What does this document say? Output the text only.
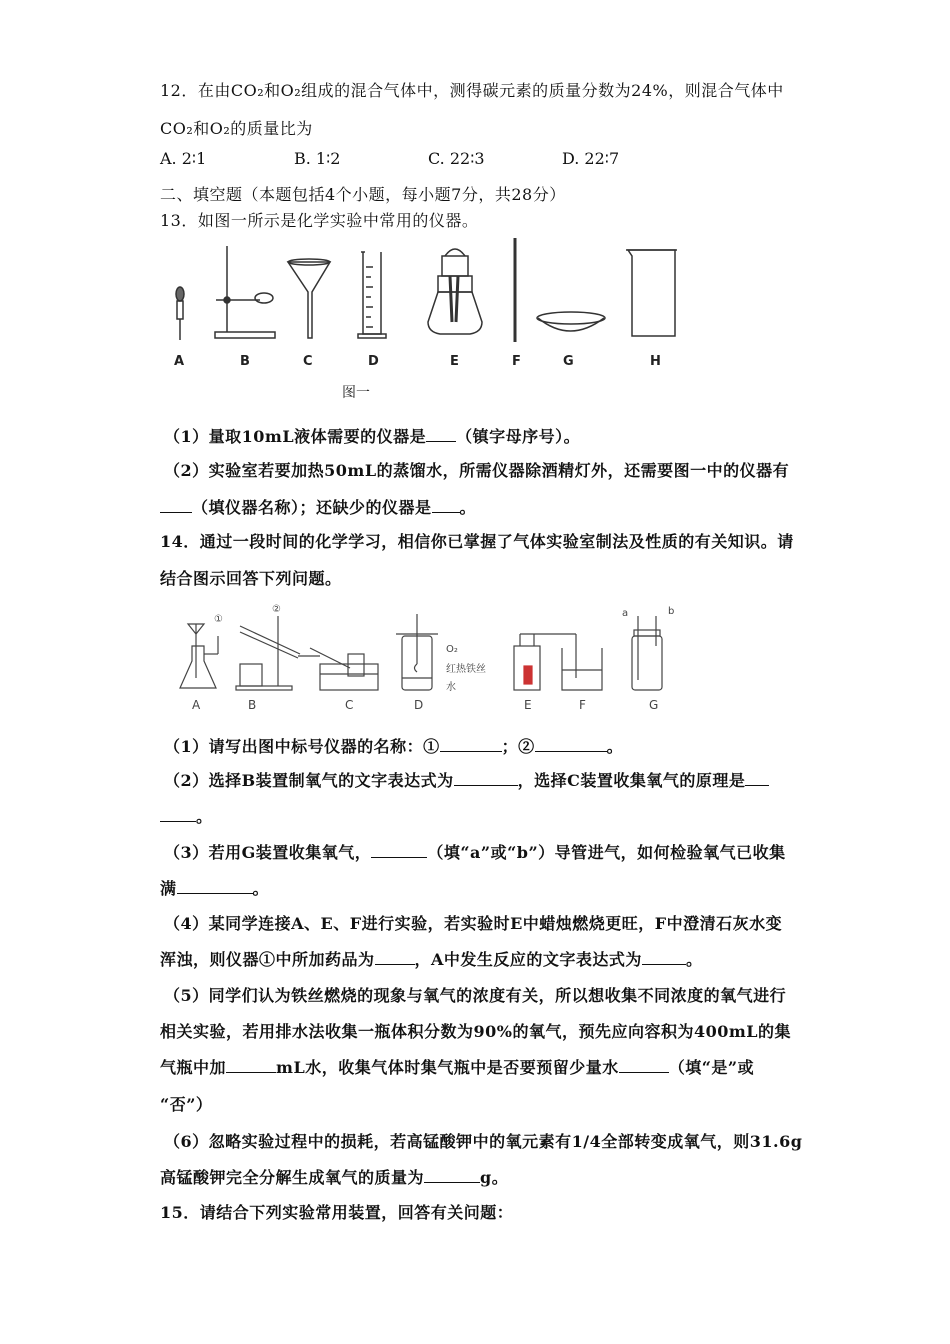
12．在由CO₂和O₂组成的混合气体中，测得碳元素的质量分数为24%，则混合气体中
CO₂和O₂的质量比为
A. 2∶1	B. 1∶2	C. 22∶3	D. 22∶7
二、填空题（本题包括4个小题，每小题7分，共28分）
13．如图一所示是化学实验中常用的仪器。
A	B	C	D	E	F	G	H
图一
（1）量取10mL液体需要的仪器是 （镇字母序号）。
（2）实验室若要加热50mL的蒸馏水，所需仪器除酒精灯外，还需要图一中的仪器有
（填仪器名称）；还缺少的仪器是 。
14．通过一段时间的化学学习，相信你已掌握了气体实验室制法及性质的有关知识。请
结合图示回答下列问题。
①
②
O₂
红热铁丝
水
a	b
A	B	C	D	E	F	G
（1）请写出图中标号仪器的名称：①	；②	。
（2）选择B装置制氧气的文字表达式为	，选择C装置收集氧气的原理是
。
（3）若用G装置收集氧气，	（填“a”或“b”）导管进气，如何检验氧气已收集
满	。
（4）某同学连接A、E、F进行实验，若实验时E中蜡烛燃烧更旺，F中澄清石灰水变
浑浊，则仪器①中所加药品为	，A中发生反应的文字表达式为	。
（5）同学们认为铁丝燃烧的现象与氧气的浓度有关，所以想收集不同浓度的氧气进行
相关实验，若用排水法收集一瓶体积分数为90%的氧气，预先应向容积为400mL的集
气瓶中加	mL水，收集气体时集气瓶中是否要预留少量水	（填“是”或
“否”）
（6）忽略实验过程中的损耗，若高锰酸钾中的氧元素有1/4全部转变成氧气，则31.6g
高锰酸钾完全分解生成氧气的质量为	g。
15．请结合下列实验常用装置，回答有关问题：
